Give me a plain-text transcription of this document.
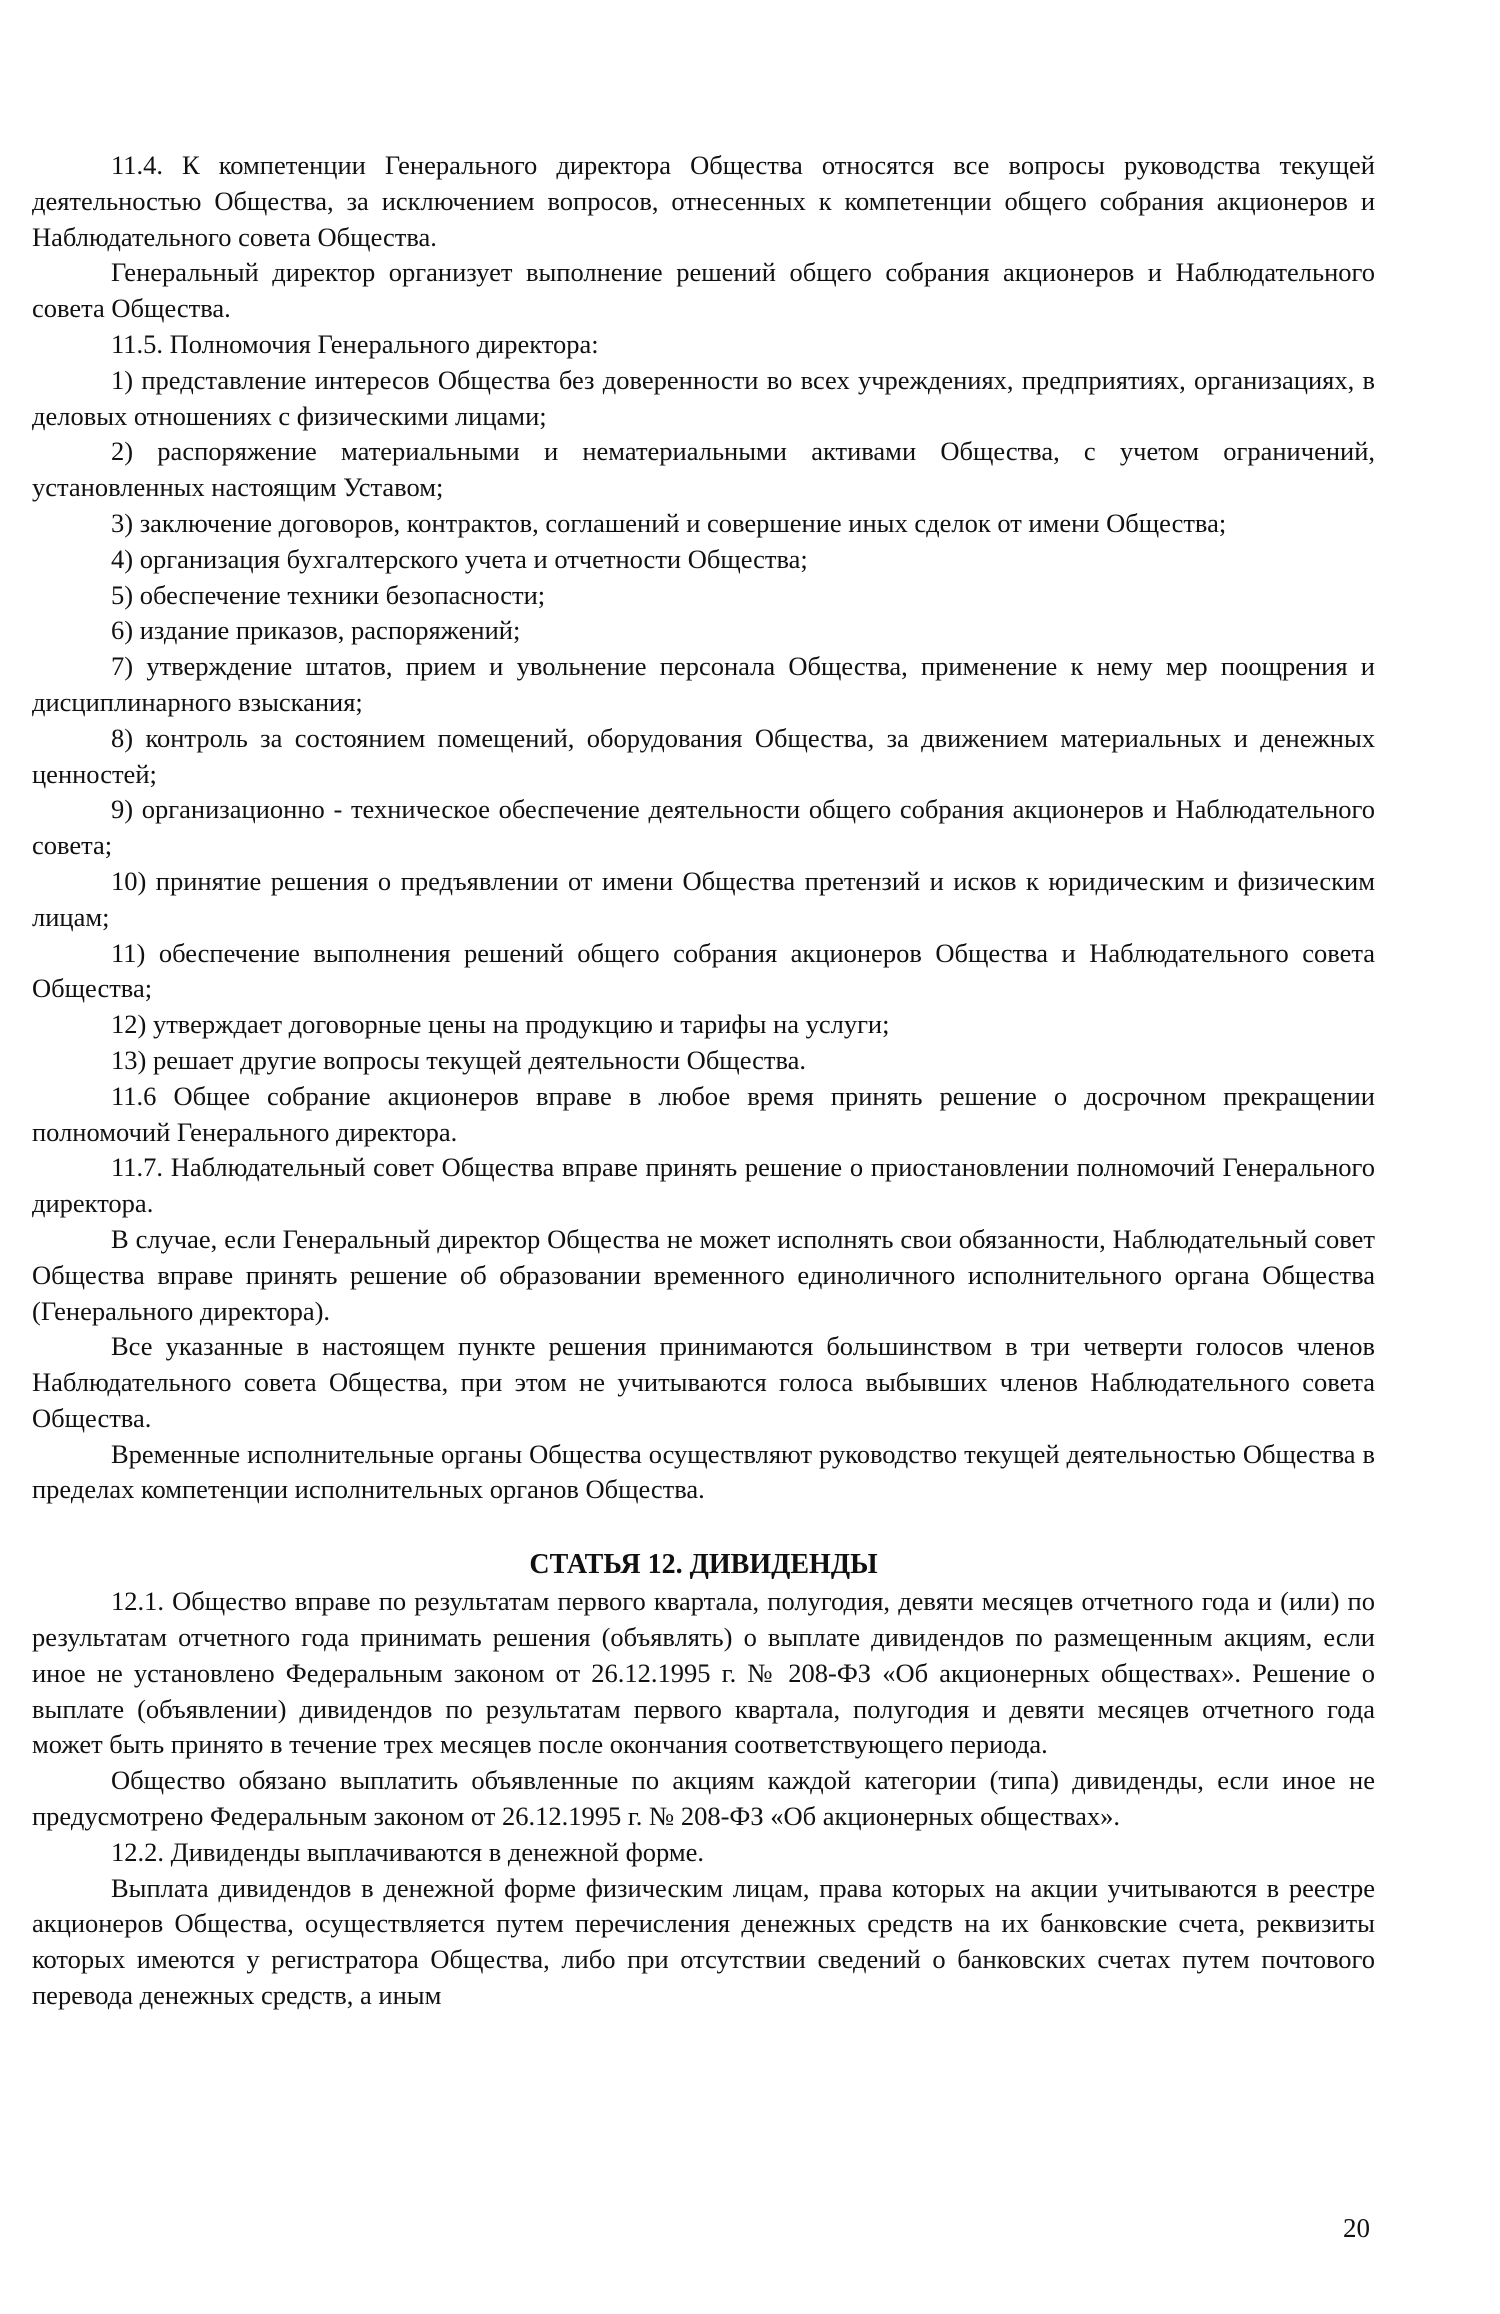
11.4. К компетенции Генерального директора Общества относятся все вопросы руководства текущей деятельностью Общества, за исключением вопросов, отнесенных к компетенции общего собрания акционеров и Наблюдательного совета Общества.

Генеральный директор организует выполнение решений общего собрания акционеров и Наблюдательного совета Общества.

11.5. Полномочия Генерального директора:

1) представление интересов Общества без доверенности во всех учреждениях, предприятиях, организациях, в деловых отношениях с физическими лицами;

2) распоряжение материальными и нематериальными активами Общества, с учетом ограничений, установленных настоящим Уставом;

3) заключение договоров, контрактов, соглашений и совершение иных сделок от имени Общества;

4) организация бухгалтерского учета и отчетности Общества;

5) обеспечение техники безопасности;

6) издание приказов, распоряжений;

7) утверждение штатов, прием и увольнение персонала Общества, применение к нему мер поощрения и дисциплинарного взыскания;

8) контроль за состоянием помещений, оборудования Общества, за движением материальных и денежных ценностей;

9) организационно - техническое обеспечение деятельности общего собрания акционеров и Наблюдательного совета;

10) принятие решения о предъявлении от имени Общества претензий и исков к юридическим и физическим лицам;

11) обеспечение выполнения решений общего собрания акционеров Общества и Наблюдательного совета Общества;

12) утверждает договорные цены на продукцию и тарифы на услуги;

13) решает другие вопросы текущей деятельности Общества.

11.6 Общее собрание акционеров вправе в любое время принять решение о досрочном прекращении полномочий Генерального директора.

11.7. Наблюдательный совет Общества вправе принять решение о приостановлении полномочий Генерального директора.

В случае, если Генеральный директор Общества не может исполнять свои обязанности, Наблюдательный совет Общества вправе принять решение об образовании временного единоличного исполнительного органа Общества (Генерального директора).

Все указанные в настоящем пункте решения принимаются большинством в три четверти голосов членов Наблюдательного совета Общества, при этом не учитываются голоса выбывших членов Наблюдательного совета Общества.

Временные исполнительные органы Общества осуществляют руководство текущей деятельностью Общества в пределах компетенции исполнительных органов Общества.

СТАТЬЯ 12. ДИВИДЕНДЫ

12.1. Общество вправе по результатам первого квартала, полугодия, девяти месяцев отчетного года и (или) по результатам отчетного года принимать решения (объявлять) о выплате дивидендов по размещенным акциям, если иное не установлено Федеральным законом от 26.12.1995 г. № 208-ФЗ «Об акционерных обществах». Решение о выплате (объявлении) дивидендов по результатам первого квартала, полугодия и девяти месяцев отчетного года может быть принято в течение трех месяцев после окончания соответствующего периода.

Общество обязано выплатить объявленные по акциям каждой категории (типа) дивиденды, если иное не предусмотрено Федеральным законом от 26.12.1995 г. № 208-ФЗ «Об акционерных обществах».

12.2. Дивиденды выплачиваются в денежной форме.

Выплата дивидендов в денежной форме физическим лицам, права которых на акции учитываются в реестре акционеров Общества, осуществляется путем перечисления денежных средств на их банковские счета, реквизиты которых имеются у регистратора Общества, либо при отсутствии сведений о банковских счетах путем почтового перевода денежных средств, а иным

20
